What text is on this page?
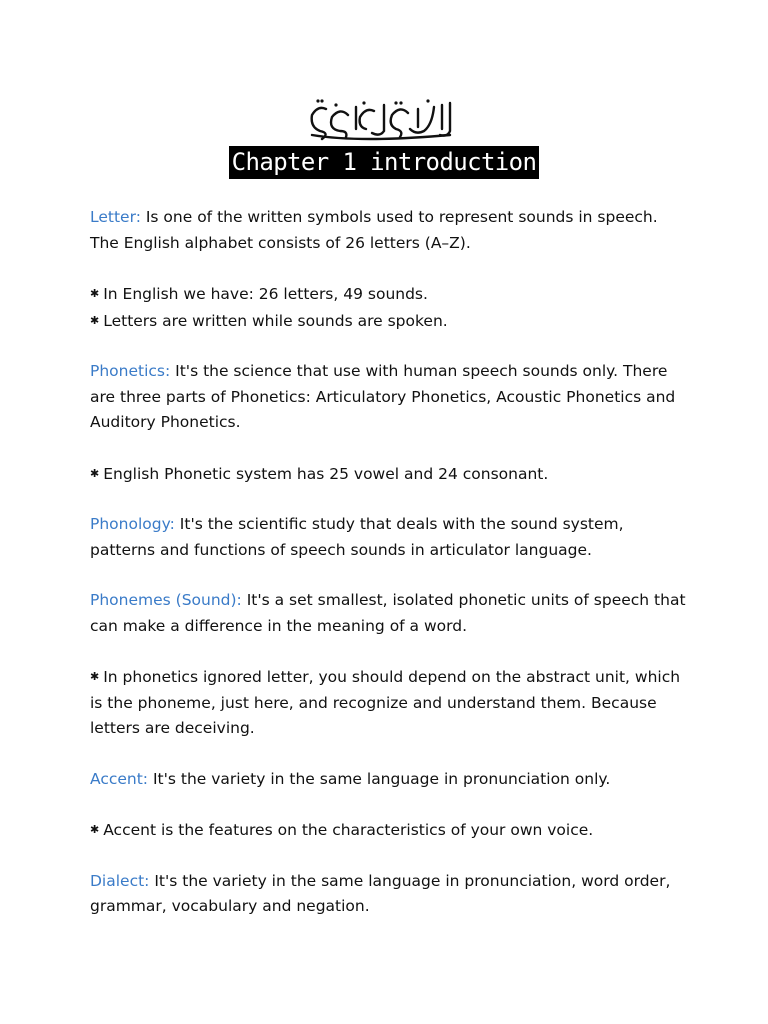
Chapter 1 introduction

Letter: Is one of the written symbols used to represent sounds in speech. The English alphabet consists of 26 letters (A–Z).

✱ In English we have: 26 letters, 49 sounds.

✱ Letters are written while sounds are spoken.

Phonetics: It's the science that use with human speech sounds only. There are three parts of Phonetics: Articulatory Phonetics, Acoustic Phonetics and Auditory Phonetics.

✱ English Phonetic system has 25 vowel and 24 consonant.

Phonology: It's the scientific study that deals with the sound system, patterns and functions of speech sounds in articulator language.

Phonemes (Sound): It's a set smallest, isolated phonetic units of speech that can make a difference in the meaning of a word.

✱ In phonetics ignored letter, you should depend on the abstract unit, which is the phoneme, just here, and recognize and understand them. Because letters are deceiving.

Accent: It's the variety in the same language in pronunciation only.

✱ Accent is the features on the characteristics of your own voice.

Dialect: It's the variety in the same language in pronunciation, word order, grammar, vocabulary and negation.
